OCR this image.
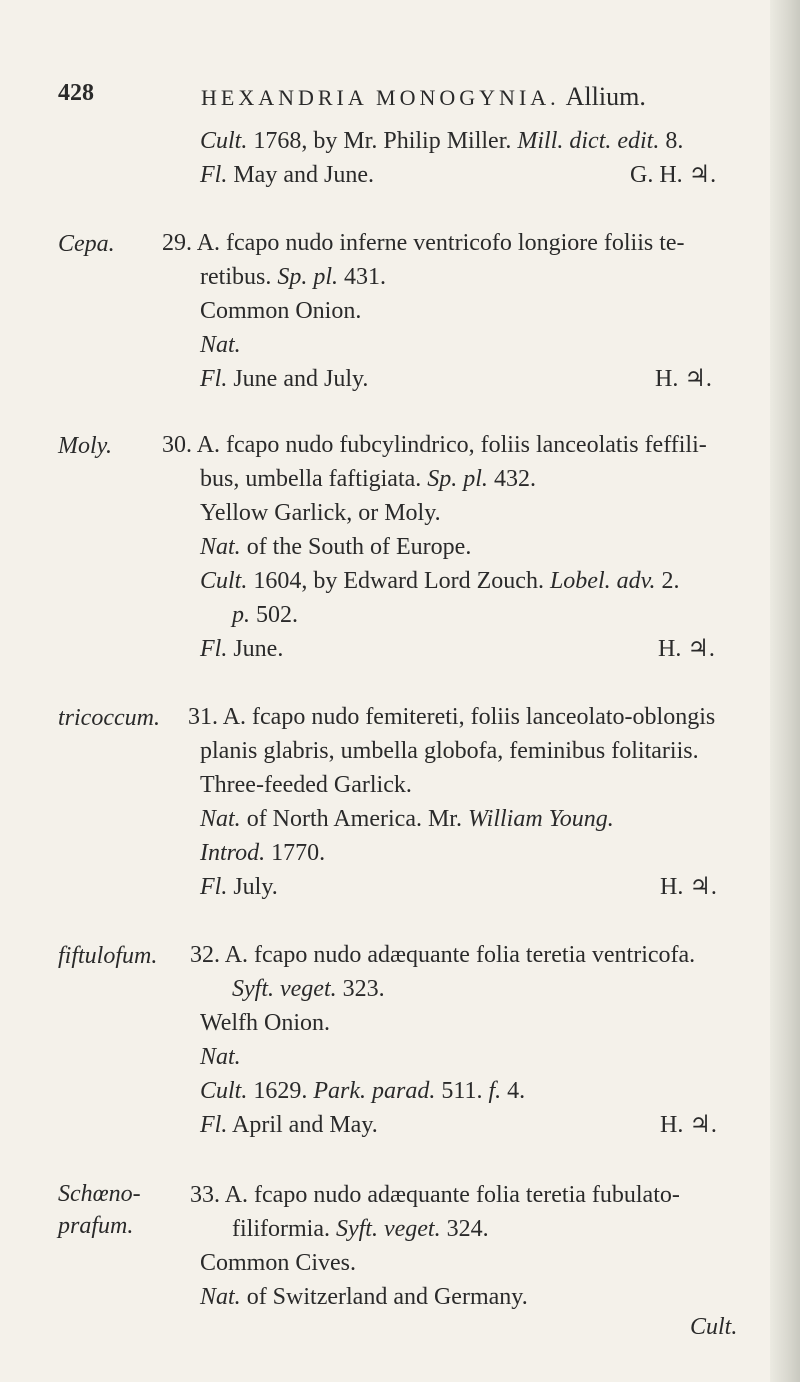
428	HEXANDRIA MONOGYNIA. Allium.
Cult. 1768, by Mr. Philip Miller. Mill. dict. edit. 8.
Fl. May and June.	G. H. ♃.
Cepa. 29. A. fcapo nudo inferne ventricofo longiore foliis te-
retibus. Sp. pl. 431.
Common Onion.
Nat.
Fl. June and July.	H. ♃.
Moly. 30. A. fcapo nudo fubcylindrico, foliis lanceolatis feffili-
bus, umbella faftigiata. Sp. pl. 432.
Yellow Garlick, or Moly.
Nat. of the South of Europe.
Cult. 1604, by Edward Lord Zouch. Lobel. adv. 2.
p. 502.
Fl. June.	H. ♃.
tricoccum. 31. A. fcapo nudo femitereti, foliis lanceolato-oblongis
planis glabris, umbella globofa, feminibus folitariis.
Three-feeded Garlick.
Nat. of North America. Mr. William Young.
Introd. 1770.
Fl. July.	H. ♃.
fiftulofum. 32. A. fcapo nudo adæquante folia teretia ventricofa.
Syft. veget. 323.
Welfh Onion.
Nat.
Cult. 1629. Park. parad. 511. f. 4.
Fl. April and May.	H. ♃.
Schœno-
prafum.
33. A. fcapo nudo adæquante folia teretia fubulato-
filiformia. Syft. veget. 324.
Common Cives.
Nat. of Switzerland and Germany.
Cult.
